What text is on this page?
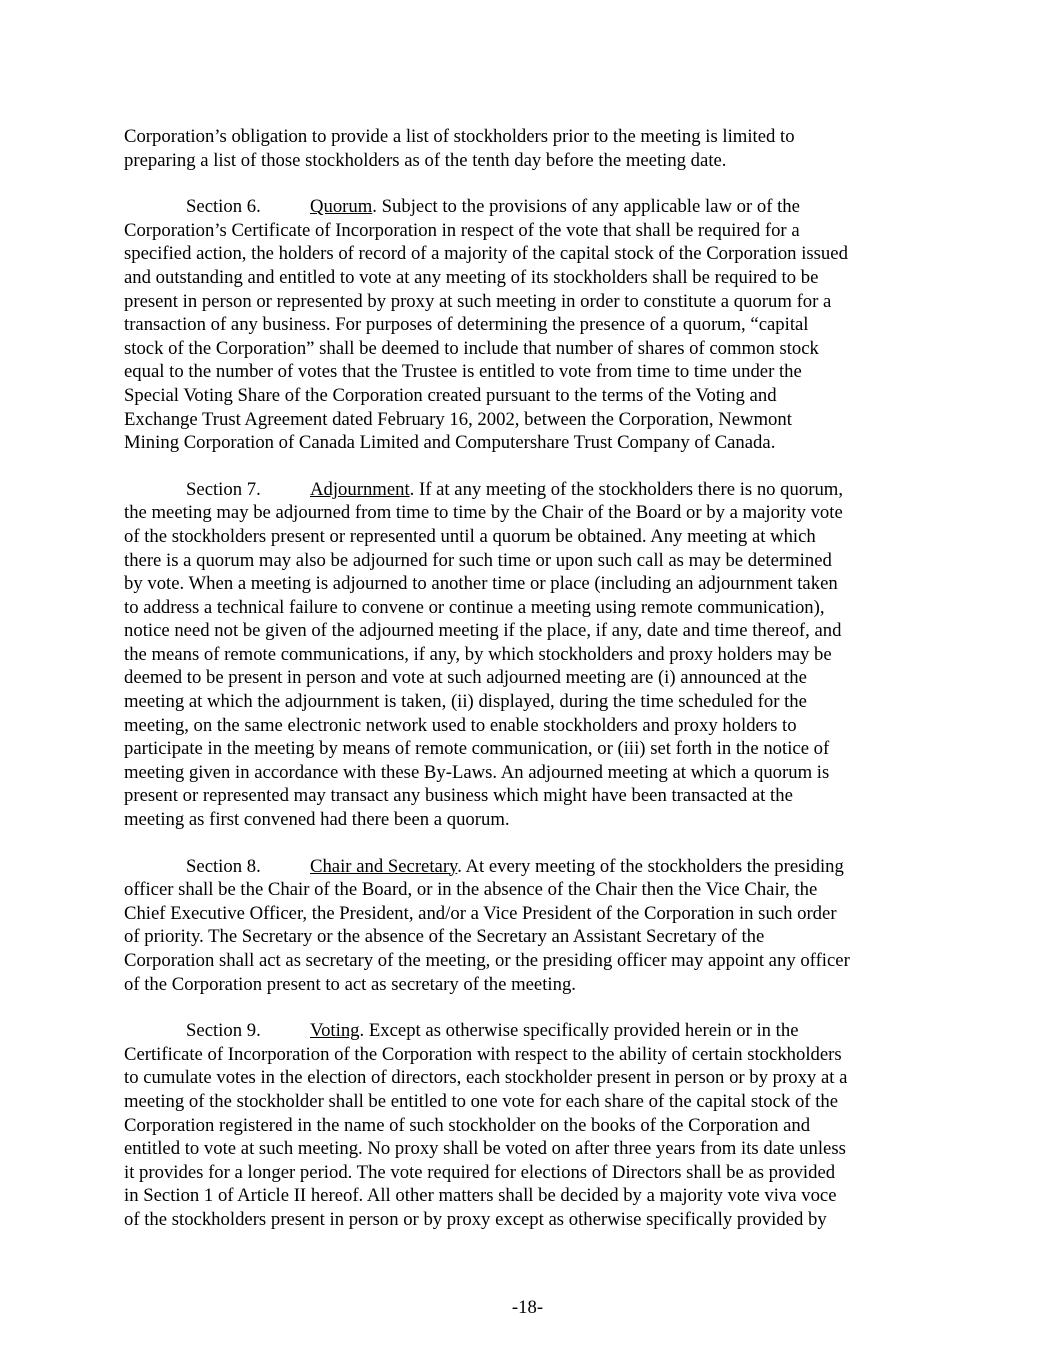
Corporation’s obligation to provide a list of stockholders prior to the meeting is limited to
preparing a list of those stockholders as of the tenth day before the meeting date.

Section 6.	Quorum. Subject to the provisions of any applicable law or of the
Corporation’s Certificate of Incorporation in respect of the vote that shall be required for a
specified action, the holders of record of a majority of the capital stock of the Corporation issued
and outstanding and entitled to vote at any meeting of its stockholders shall be required to be
present in person or represented by proxy at such meeting in order to constitute a quorum for a
transaction of any business. For purposes of determining the presence of a quorum, “capital
stock of the Corporation” shall be deemed to include that number of shares of common stock
equal to the number of votes that the Trustee is entitled to vote from time to time under the
Special Voting Share of the Corporation created pursuant to the terms of the Voting and
Exchange Trust Agreement dated February 16, 2002, between the Corporation, Newmont
Mining Corporation of Canada Limited and Computershare Trust Company of Canada.

Section 7.	Adjournment. If at any meeting of the stockholders there is no quorum,
the meeting may be adjourned from time to time by the Chair of the Board or by a majority vote
of the stockholders present or represented until a quorum be obtained. Any meeting at which
there is a quorum may also be adjourned for such time or upon such call as may be determined
by vote. When a meeting is adjourned to another time or place (including an adjournment taken
to address a technical failure to convene or continue a meeting using remote communication),
notice need not be given of the adjourned meeting if the place, if any, date and time thereof, and
the means of remote communications, if any, by which stockholders and proxy holders may be
deemed to be present in person and vote at such adjourned meeting are (i) announced at the
meeting at which the adjournment is taken, (ii) displayed, during the time scheduled for the
meeting, on the same electronic network used to enable stockholders and proxy holders to
participate in the meeting by means of remote communication, or (iii) set forth in the notice of
meeting given in accordance with these By-Laws. An adjourned meeting at which a quorum is
present or represented may transact any business which might have been transacted at the
meeting as first convened had there been a quorum.

Section 8.	Chair and Secretary. At every meeting of the stockholders the presiding
officer shall be the Chair of the Board, or in the absence of the Chair then the Vice Chair, the
Chief Executive Officer, the President, and/or a Vice President of the Corporation in such order
of priority. The Secretary or the absence of the Secretary an Assistant Secretary of the
Corporation shall act as secretary of the meeting, or the presiding officer may appoint any officer
of the Corporation present to act as secretary of the meeting.

Section 9.	Voting. Except as otherwise specifically provided herein or in the
Certificate of Incorporation of the Corporation with respect to the ability of certain stockholders
to cumulate votes in the election of directors, each stockholder present in person or by proxy at a
meeting of the stockholder shall be entitled to one vote for each share of the capital stock of the
Corporation registered in the name of such stockholder on the books of the Corporation and
entitled to vote at such meeting. No proxy shall be voted on after three years from its date unless
it provides for a longer period. The vote required for elections of Directors shall be as provided
in Section 1 of Article II hereof. All other matters shall be decided by a majority vote viva voce
of the stockholders present in person or by proxy except as otherwise specifically provided by

-18-
